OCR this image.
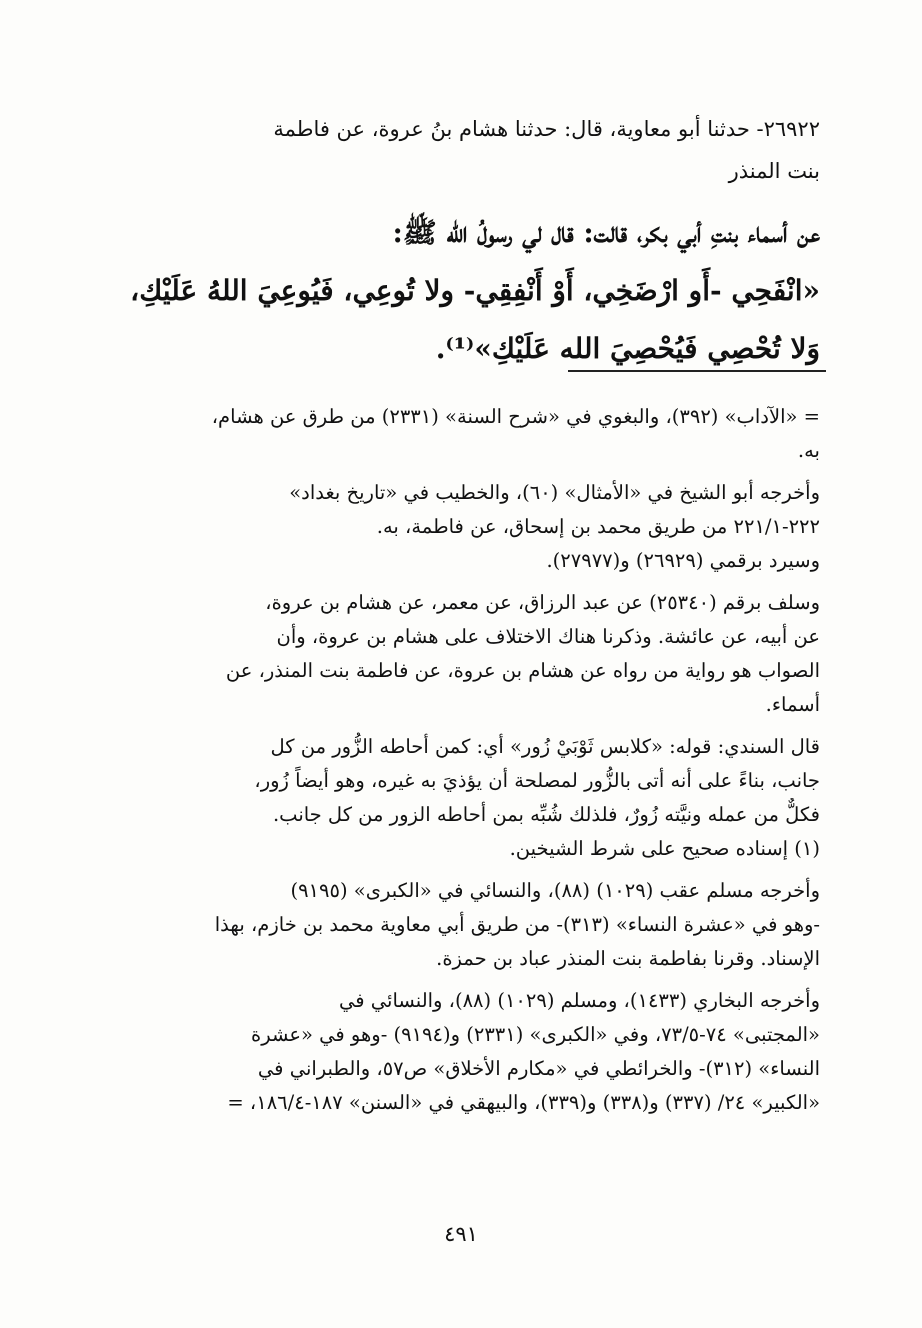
٢٦٩٢٢- حدثنا أبو معاوية، قال: حدثنا هشام بنُ عروة، عن فاطمة
بنت المنذر
عن أسماء بنتِ أبي بكر، قالت: قال لي رسولُ الله ﷺ:
«انْفَحِي -أَو ارْضَخِي، أَوْ أَنْفِقِي- ولا تُوعِي، فَيُوعِيَ اللهُ عَلَيْكِ،
وَلا تُحْصِي فَيُحْصِيَ الله عَلَيْكِ»⁽¹⁾.
= «الآداب» (٣٩٢)، والبغوي في «شرح السنة» (٢٣٣١) من طرق عن هشام،
به.
وأخرجه أبو الشيخ في «الأمثال» (٦٠)، والخطيب في «تاريخ بغداد»
٢٢٢-٢٢١/١ من طريق محمد بن إسحاق، عن فاطمة، به.
وسيرد برقمي (٢٦٩٢٩) و(٢٧٩٧٧).
وسلف برقم (٢٥٣٤٠) عن عبد الرزاق، عن معمر، عن هشام بن عروة،
عن أبيه، عن عائشة. وذكرنا هناك الاختلاف على هشام بن عروة، وأن
الصواب هو رواية من رواه عن هشام بن عروة، عن فاطمة بنت المنذر، عن
أسماء.
قال السندي: قوله: «كلابس ثَوْبَيْ زُور» أي: كمن أحاطه الزُّور من كل
جانب، بناءً على أنه أتى بالزُّور لمصلحة أن يؤذيَ به غيره، وهو أيضاً زُور،
فكلٌّ من عمله ونيَّته زُورٌ، فلذلك شُبِّه بمن أحاطه الزور من كل جانب.
(١) إسناده صحيح على شرط الشيخين.
وأخرجه مسلم عقب (١٠٢٩) (٨٨)، والنسائي في «الكبرى» (٩١٩٥)
-وهو في «عشرة النساء» (٣١٣)- من طريق أبي معاوية محمد بن خازم، بهذا
الإسناد. وقرنا بفاطمة بنت المنذر عباد بن حمزة.
وأخرجه البخاري (١٤٣٣)، ومسلم (١٠٢٩) (٨٨)، والنسائي في
«المجتبى» ٧٤-٧٣/٥، وفي «الكبرى» (٢٣٣١) و(٩١٩٤) -وهو في «عشرة
النساء» (٣١٢)- والخرائطي في «مكارم الأخلاق» ص٥٧، والطبراني في
«الكبير» ٢٤/ (٣٣٧) و(٣٣٨) و(٣٣٩)، والبيهقي في «السنن» ١٨٧-١٨٦/٤، =
٤٩١
